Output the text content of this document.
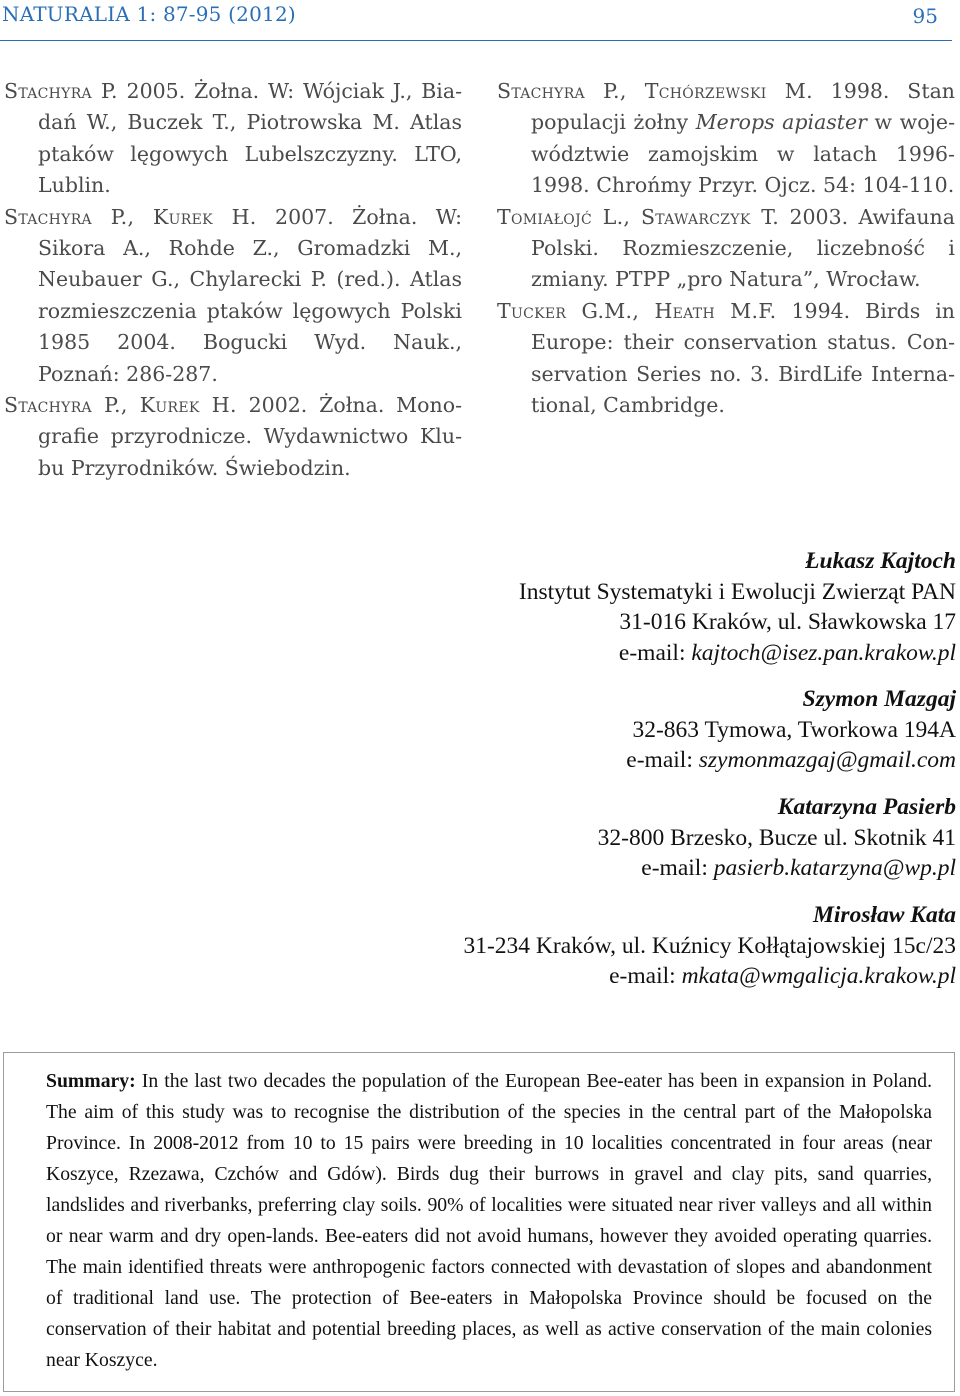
NATURALIA 1: 87-95 (2012)	95
Stachyra P. 2005. Żołna. W: Wójciak J., Biadań W., Buczek T., Piotrowska M. Atlas ptaków lęgowych Lubelszczyzny. LTO, Lublin.
Stachyra P., Kurek H. 2007. Żołna. W: Sikora A., Rohde Z., Gromadzki M., Neubauer G., Chylarecki P. (red.). Atlas rozmieszczenia ptaków lęgowych Polski 1985 2004. Bogucki Wyd. Nauk., Poznań: 286-287.
Stachyra P., Kurek H. 2002. Żołna. Monografie przyrodnicze. Wydawnictwo Klubu Przyrodników. Świebodzin.
Stachyra P., Tchórzewski M. 1998. Stan populacji żołny Merops apiaster w województwie zamojskim w latach 1996-1998. Chrońmy Przyr. Ojcz. 54: 104-110.
Tomiałojć L., Stawarczyk T. 2003. Awifauna Polski. Rozmieszczenie, liczebność i zmiany. PTPP „pro Natura”, Wrocław.
Tucker G.M., Heath M.F. 1994. Birds in Europe: their conservation status. Conservation Series no. 3. BirdLife International, Cambridge.
Łukasz Kajtoch
Instytut Systematyki i Ewolucji Zwierząt PAN
31-016 Kraków, ul. Sławkowska 17
e-mail: kajtoch@isez.pan.krakow.pl
Szymon Mazgaj
32-863 Tymowa, Tworkowa 194A
e-mail: szymonmazgaj@gmail.com
Katarzyna Pasierb
32-800 Brzesko, Bucze ul. Skotnik 41
e-mail: pasierb.katarzyna@wp.pl
Mirosław Kata
31-234 Kraków, ul. Kuźnicy Kołłątajowskiej 15c/23
e-mail: mkata@wmgalicja.krakow.pl
Summary: In the last two decades the population of the European Bee-eater has been in expansion in Poland. The aim of this study was to recognise the distribution of the species in the central part of the Małopolska Province. In 2008-2012 from 10 to 15 pairs were breeding in 10 localities concentrated in four areas (near Koszyce, Rzezawa, Czchów and Gdów). Birds dug their burrows in gravel and clay pits, sand quarries, landslides and riverbanks, preferring clay soils. 90% of localities were situated near river valleys and all within or near warm and dry open-lands. Bee-eaters did not avoid humans, however they avoided operating quarries. The main identified threats were anthropogenic factors connected with devastation of slopes and abandonment of traditional land use. The protection of Bee-eaters in Małopolska Province should be focused on the conservation of their habitat and potential breeding places, as well as active conservation of the main colonies near Koszyce.
